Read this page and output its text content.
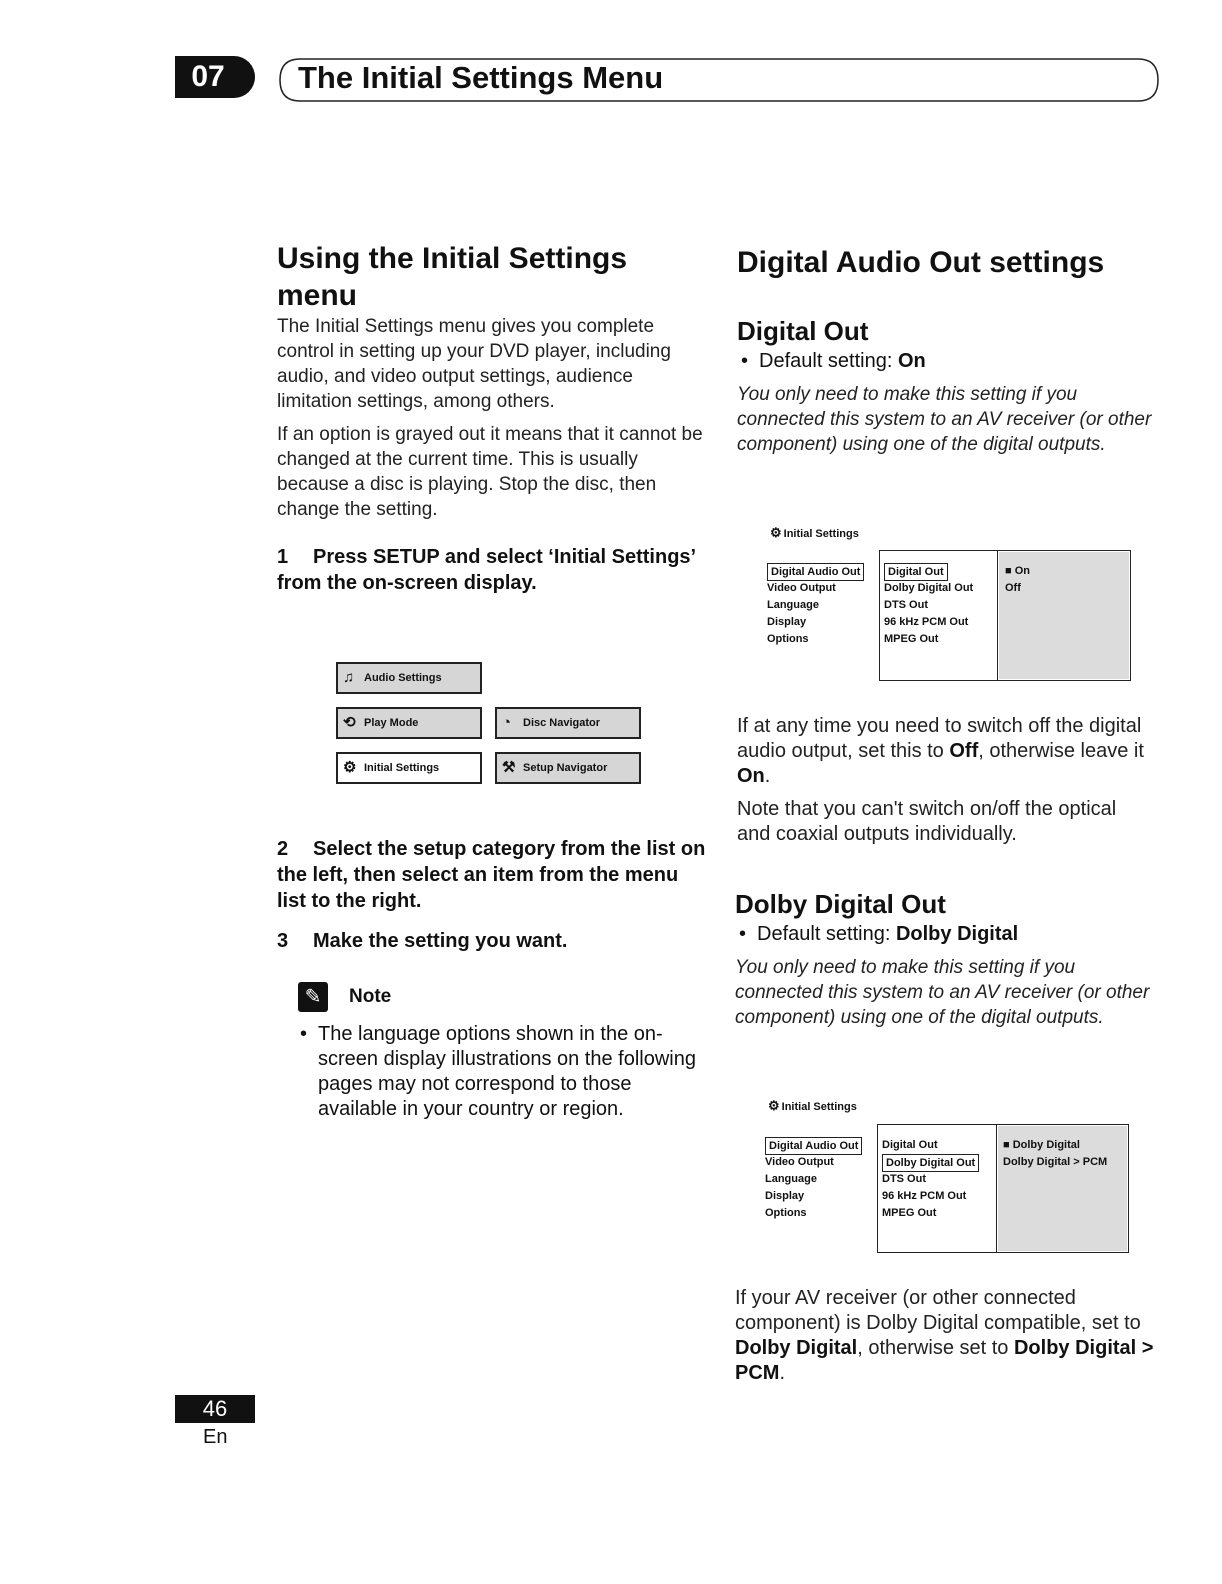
07	The Initial Settings Menu
Using the Initial Settings menu

The Initial Settings menu gives you complete control in setting up your DVD player, including audio, and video output settings, audience limitation settings, among others.

If an option is grayed out it means that it cannot be changed at the current time. This is usually because a disc is playing. Stop the disc, then change the setting.

1 Press SETUP and select ‘Initial Settings’ from the on-screen display.
♫ Audio Settings
⟲ Play Mode	◔ Disc Navigator
⚙ Initial Settings	⚒ Setup Navigator
2 Select the setup category from the list on the left, then select an item from the menu list to the right.
3 Make the setting you want.
✎	Note
• The language options shown in the on-screen display illustrations on the following pages may not correspond to those available in your country or region.
Digital Audio Out settings
Digital Out
• Default setting: On
You only need to make this setting if you connected this system to an AV receiver (or other component) using one of the digital outputs.
⚙ Initial Settings

If at any time you need to switch off the digital audio output, set this to Off, otherwise leave it On.

Note that you can't switch on/off the optical and coaxial outputs individually.

Dolby Digital Out
• Default setting: Dolby Digital
You only need to make this setting if you connected this system to an AV receiver (or other component) using one of the digital outputs.
⚙ Initial Settings
If your AV receiver (or other connected component) is Dolby Digital compatible, set to Dolby Digital, otherwise set to Dolby Digital > PCM.
46
En
Digital Audio Out
Video Output
Language
Display
Options
Digital Out
Dolby Digital Out
DTS Out
96 kHz PCM Out
MPEG Out
■ On
Off
Digital Audio Out
Video Output
Language
Display
Options
Digital Out
Dolby Digital Out
DTS Out
96 kHz PCM Out
MPEG Out
■ Dolby Digital
Dolby Digital > PCM
